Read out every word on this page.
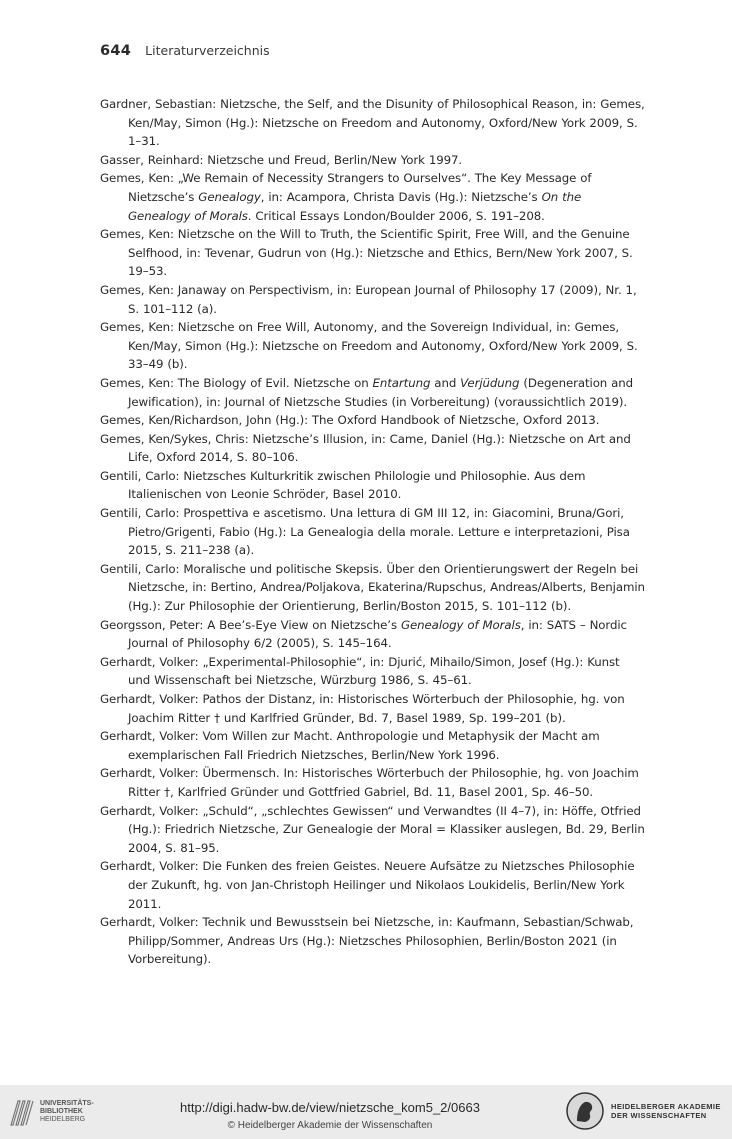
644 Literaturverzeichnis

Gardner, Sebastian: Nietzsche, the Self, and the Disunity of Philosophical Reason, in: Gemes, Ken/May, Simon (Hg.): Nietzsche on Freedom and Autonomy, Oxford/New York 2009, S. 1–31.

Gasser, Reinhard: Nietzsche und Freud, Berlin/New York 1997.

Gemes, Ken: „We Remain of Necessity Strangers to Ourselves“. The Key Message of Nietzsche’s Genealogy, in: Acampora, Christa Davis (Hg.): Nietzsche’s On the Genealogy of Morals. Critical Essays London/Boulder 2006, S. 191–208.

Gemes, Ken: Nietzsche on the Will to Truth, the Scientific Spirit, Free Will, and the Genuine Selfhood, in: Tevenar, Gudrun von (Hg.): Nietzsche and Ethics, Bern/New York 2007, S. 19–53.

Gemes, Ken: Janaway on Perspectivism, in: European Journal of Philosophy 17 (2009), Nr. 1, S. 101–112 (a).

Gemes, Ken: Nietzsche on Free Will, Autonomy, and the Sovereign Individual, in: Gemes, Ken/May, Simon (Hg.): Nietzsche on Freedom and Autonomy, Oxford/New York 2009, S. 33–49 (b).

Gemes, Ken: The Biology of Evil. Nietzsche on Entartung and Verjüdung (Degeneration and Jewification), in: Journal of Nietzsche Studies (in Vorbereitung) (voraussichtlich 2019).

Gemes, Ken/Richardson, John (Hg.): The Oxford Handbook of Nietzsche, Oxford 2013.

Gemes, Ken/Sykes, Chris: Nietzsche’s Illusion, in: Came, Daniel (Hg.): Nietzsche on Art and Life, Oxford 2014, S. 80–106.

Gentili, Carlo: Nietzsches Kulturkritik zwischen Philologie und Philosophie. Aus dem Italienischen von Leonie Schröder, Basel 2010.

Gentili, Carlo: Prospettiva e ascetismo. Una lettura di GM III 12, in: Giacomini, Bruna/Gori, Pietro/Grigenti, Fabio (Hg.): La Genealogia della morale. Letture e interpretazioni, Pisa 2015, S. 211–238 (a).

Gentili, Carlo: Moralische und politische Skepsis. Über den Orientierungswert der Regeln bei Nietzsche, in: Bertino, Andrea/Poljakova, Ekaterina/Rupschus, Andreas/Alberts, Benjamin (Hg.): Zur Philosophie der Orientierung, Berlin/Boston 2015, S. 101–112 (b).

Georgsson, Peter: A Bee’s-Eye View on Nietzsche’s Genealogy of Morals, in: SATS – Nordic Journal of Philosophy 6/2 (2005), S. 145–164.

Gerhardt, Volker: „Experimental-Philosophie“, in: Djurić, Mihailo/Simon, Josef (Hg.): Kunst und Wissenschaft bei Nietzsche, Würzburg 1986, S. 45–61.

Gerhardt, Volker: Pathos der Distanz, in: Historisches Wörterbuch der Philosophie, hg. von Joachim Ritter † und Karlfried Gründer, Bd. 7, Basel 1989, Sp. 199–201 (b).

Gerhardt, Volker: Vom Willen zur Macht. Anthropologie und Metaphysik der Macht am exemplarischen Fall Friedrich Nietzsches, Berlin/New York 1996.

Gerhardt, Volker: Übermensch. In: Historisches Wörterbuch der Philosophie, hg. von Joachim Ritter †, Karlfried Gründer und Gottfried Gabriel, Bd. 11, Basel 2001, Sp. 46–50.

Gerhardt, Volker: „Schuld“, „schlechtes Gewissen“ und Verwandtes (II 4–7), in: Höffe, Otfried (Hg.): Friedrich Nietzsche, Zur Genealogie der Moral = Klassiker auslegen, Bd. 29, Berlin 2004, S. 81–95.

Gerhardt, Volker: Die Funken des freien Geistes. Neuere Aufsätze zu Nietzsches Philosophie der Zukunft, hg. von Jan-Christoph Heilinger und Nikolaos Loukidelis, Berlin/New York 2011.

Gerhardt, Volker: Technik und Bewusstsein bei Nietzsche, in: Kaufmann, Sebastian/Schwab, Philipp/Sommer, Andreas Urs (Hg.): Nietzsches Philosophien, Berlin/Boston 2021 (in Vorbereitung).

UNIVERSITÄTS-
BIBLIOTHEK
HEIDELBERG
http://digi.hadw-bw.de/view/nietzsche_kom5_2/0663
© Heidelberger Akademie der Wissenschaften
HEIDELBERGER AKADEMIE
DER WISSENSCHAFTEN
